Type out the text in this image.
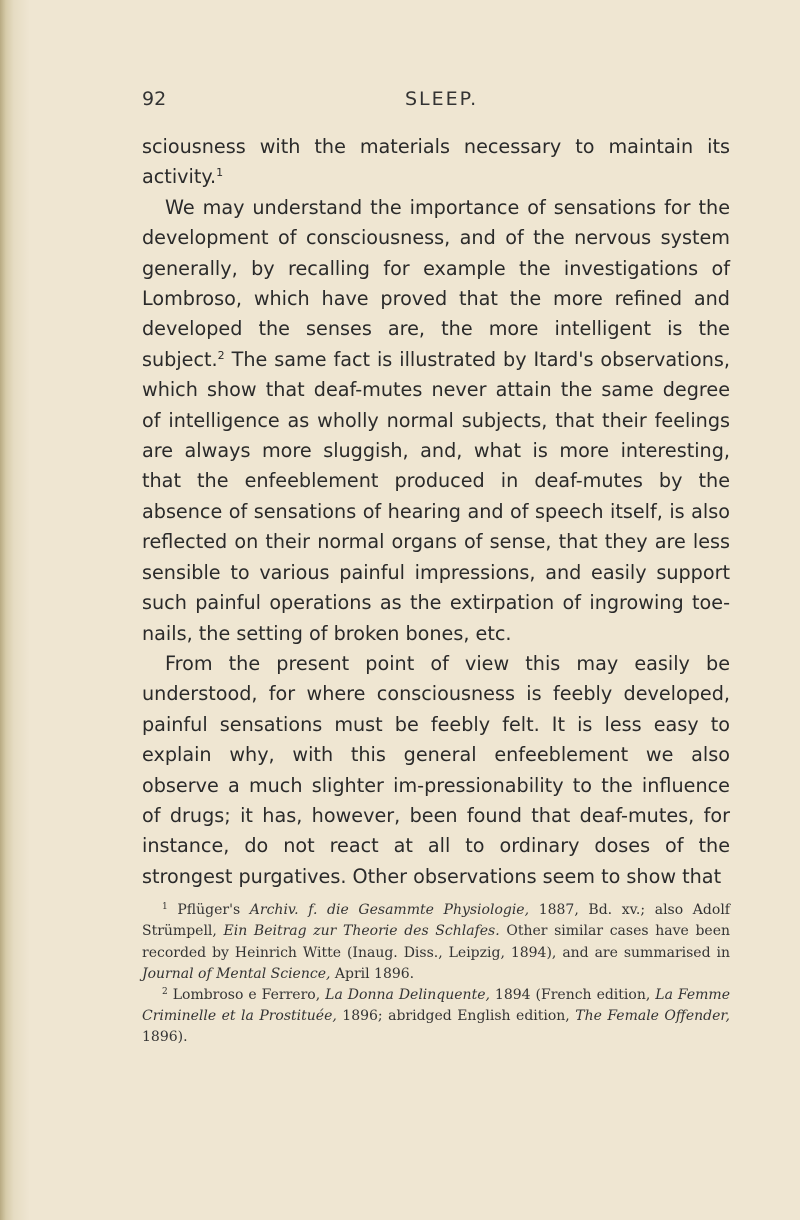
92	SLEEP.

sciousness with the materials necessary to maintain its activity.$^1$

We may understand the importance of sensations for the development of consciousness, and of the nervous system generally, by recalling for example the investigations of Lombroso, which have proved that the more refined and developed the senses are, the more intelligent is the subject.$^2$ The same fact is illustrated by Itard's observations, which show that deaf-mutes never attain the same degree of intelligence as wholly normal subjects, that their feelings are always more sluggish, and, what is more interesting, that the enfeeblement produced in deaf-mutes by the absence of sensations of hearing and of speech itself, is also reflected on their normal organs of sense, that they are less sensible to various painful impressions, and easily support such painful operations as the extirpation of ingrowing toe-nails, the setting of broken bones, etc.

From the present point of view this may easily be understood, for where consciousness is feebly developed, painful sensations must be feebly felt. It is less easy to explain why, with this general enfeeblement we also observe a much slighter im-pressionability to the influence of drugs; it has, however, been found that deaf-mutes, for instance, do not react at all to ordinary doses of the strongest purgatives. Other observations seem to show that

$^1$ Pflüger's Archiv. f. die Gesammte Physiologie, 1887, Bd. xv.; also Adolf Strümpell, Ein Beitrag zur Theorie des Schlafes. Other similar cases have been recorded by Heinrich Witte (Inaug. Diss., Leipzig, 1894), and are summarised in Journal of Mental Science, April 1896.

$^2$ Lombroso e Ferrero, La Donna Delinquente, 1894 (French edition, La Femme Criminelle et la Prostituée, 1896; abridged English edition, The Female Offender, 1896).
